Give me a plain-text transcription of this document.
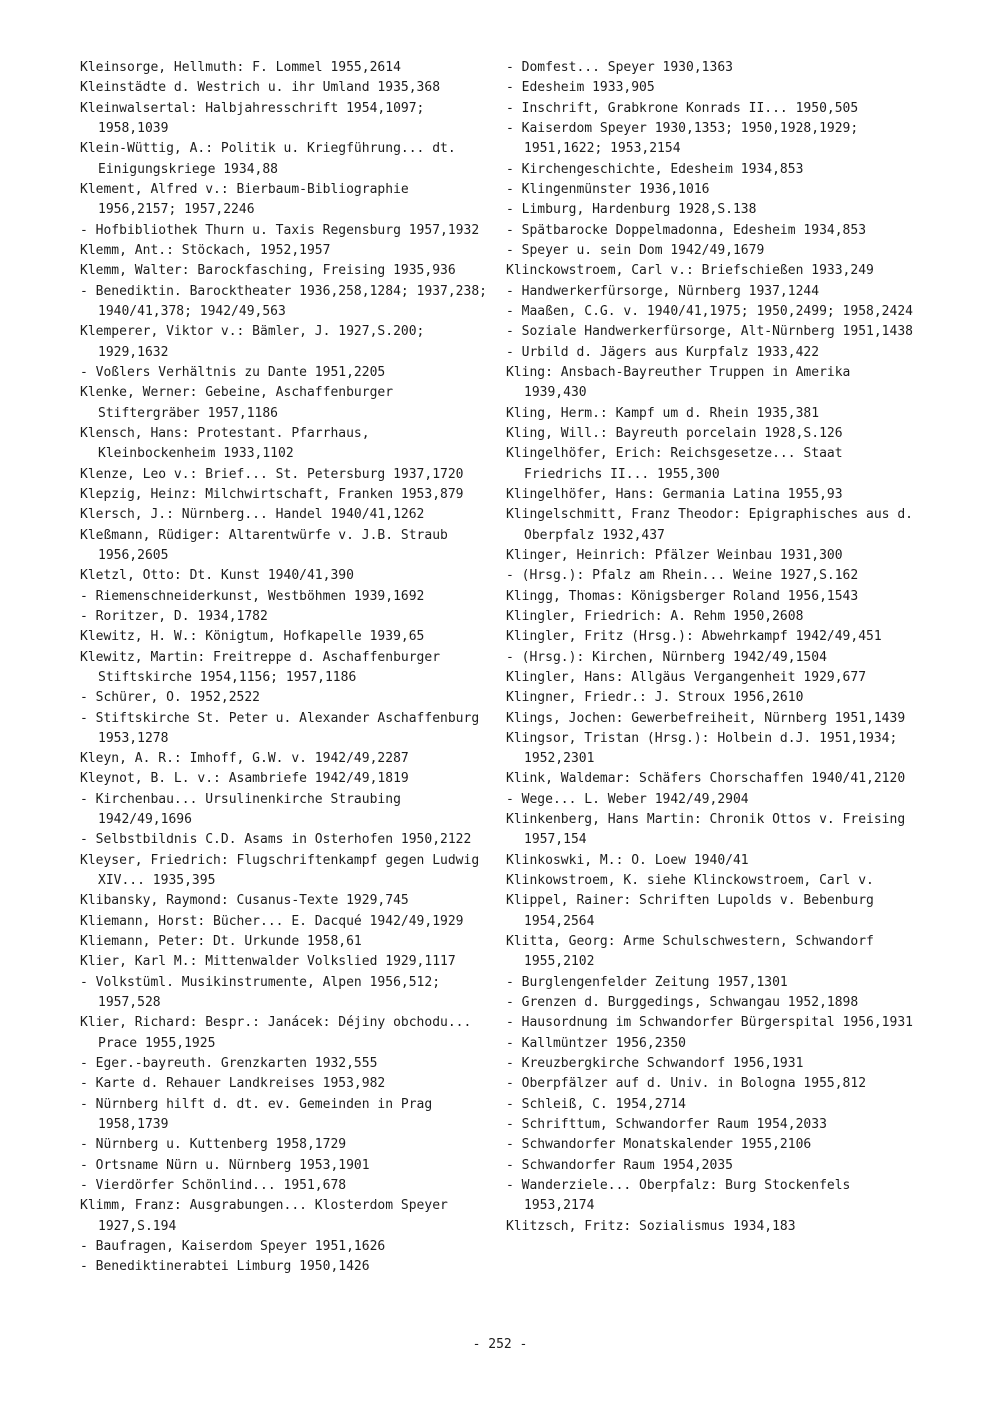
Kleinsorge, Hellmuth: F. Lommel 1955,2614

Kleinstädte d. Westrich u. ihr Umland 1935,368

Kleinwalsertal: Halbjahresschrift 1954,1097; 1958,1039

Klein-Wüttig, A.: Politik u. Kriegführung... dt. Einigungskriege 1934,88

Klement, Alfred v.: Bierbaum-Bibliographie 1956,2157; 1957,2246

- Hofbibliothek Thurn u. Taxis Regensburg 1957,1932

Klemm, Ant.: Stöckach, 1952,1957

Klemm, Walter: Barockfasching, Freising 1935,936

- Benediktin. Barocktheater 1936,258,1284; 1937,238; 1940/41,378; 1942/49,563

Klemperer, Viktor v.: Bämler, J. 1927,S.200; 1929,1632

- Voßlers Verhältnis zu Dante 1951,2205

Klenke, Werner: Gebeine, Aschaffenburger Stiftergräber 1957,1186

Klensch, Hans: Protestant. Pfarrhaus, Kleinbockenheim 1933,1102

Klenze, Leo v.: Brief... St. Petersburg 1937,1720

Klepzig, Heinz: Milchwirtschaft, Franken 1953,879

Klersch, J.: Nürnberg... Handel 1940/41,1262

Kleßmann, Rüdiger: Altarentwürfe v. J.B. Straub 1956,2605

Kletzl, Otto: Dt. Kunst 1940/41,390

- Riemenschneiderkunst, Westböhmen 1939,1692

- Roritzer, D. 1934,1782

Klewitz, H. W.: Königtum, Hofkapelle 1939,65

Klewitz, Martin: Freitreppe d. Aschaffenburger Stiftskirche 1954,1156; 1957,1186

- Schürer, O. 1952,2522

- Stiftskirche St. Peter u. Alexander Aschaffenburg 1953,1278

Kleyn, A. R.: Imhoff, G.W. v. 1942/49,2287

Kleynot, B. L. v.: Asambriefe 1942/49,1819

- Kirchenbau... Ursulinenkirche Straubing 1942/49,1696

- Selbstbildnis C.D. Asams in Osterhofen 1950,2122

Kleyser, Friedrich: Flugschriftenkampf gegen Ludwig XIV... 1935,395

Klibansky, Raymond: Cusanus-Texte 1929,745

Kliemann, Horst: Bücher... E. Dacqué 1942/49,1929

Kliemann, Peter: Dt. Urkunde 1958,61

Klier, Karl M.: Mittenwalder Volkslied 1929,1117

- Volkstüml. Musikinstrumente, Alpen 1956,512; 1957,528

Klier, Richard: Bespr.: Janácek: Déjiny obchodu... Prace 1955,1925

- Eger.-bayreuth. Grenzkarten 1932,555

- Karte d. Rehauer Landkreises 1953,982

- Nürnberg hilft d. dt. ev. Gemeinden in Prag 1958,1739

- Nürnberg u. Kuttenberg 1958,1729

- Ortsname Nürn u. Nürnberg 1953,1901

- Vierdörfer Schönlind... 1951,678

Klimm, Franz: Ausgrabungen... Klosterdom Speyer 1927,S.194

- Baufragen, Kaiserdom Speyer 1951,1626

- Benediktinerabtei Limburg 1950,1426

- Domfest... Speyer 1930,1363

- Edesheim 1933,905

- Inschrift, Grabkrone Konrads II... 1950,505

- Kaiserdom Speyer 1930,1353; 1950,1928,1929; 1951,1622; 1953,2154

- Kirchengeschichte, Edesheim 1934,853

- Klingenmünster 1936,1016

- Limburg, Hardenburg 1928,S.138

- Spätbarocke Doppelmadonna, Edesheim 1934,853

- Speyer u. sein Dom 1942/49,1679

Klinckowstroem, Carl v.: Briefschießen 1933,249

- Handwerkerfürsorge, Nürnberg 1937,1244

- Maaßen, C.G. v. 1940/41,1975; 1950,2499; 1958,2424

- Soziale Handwerkerfürsorge, Alt-Nürnberg 1951,1438

- Urbild d. Jägers aus Kurpfalz 1933,422

Kling: Ansbach-Bayreuther Truppen in Amerika 1939,430

Kling, Herm.: Kampf um d. Rhein 1935,381

Kling, Will.: Bayreuth porcelain 1928,S.126

Klingelhöfer, Erich: Reichsgesetze... Staat Friedrichs II... 1955,300

Klingelhöfer, Hans: Germania Latina 1955,93

Klingelschmitt, Franz Theodor: Epigraphisches aus d. Oberpfalz 1932,437

Klinger, Heinrich: Pfälzer Weinbau 1931,300

- (Hrsg.): Pfalz am Rhein... Weine 1927,S.162

Klingg, Thomas: Königsberger Roland 1956,1543

Klingler, Friedrich: A. Rehm 1950,2608

Klingler, Fritz (Hrsg.): Abwehrkampf 1942/49,451

- (Hrsg.): Kirchen, Nürnberg 1942/49,1504

Klingler, Hans: Allgäus Vergangenheit 1929,677

Klingner, Friedr.: J. Stroux 1956,2610

Klings, Jochen: Gewerbefreiheit, Nürnberg 1951,1439

Klingsor, Tristan (Hrsg.): Holbein d.J. 1951,1934; 1952,2301

Klink, Waldemar: Schäfers Chorschaffen 1940/41,2120

- Wege... L. Weber 1942/49,2904

Klinkenberg, Hans Martin: Chronik Ottos v. Freising 1957,154

Klinkoswki, M.: O. Loew 1940/41

Klinkowstroem, K. siehe Klinckowstroem, Carl v.

Klippel, Rainer: Schriften Lupolds v. Bebenburg 1954,2564

Klitta, Georg: Arme Schulschwestern, Schwandorf 1955,2102

- Burglengenfelder Zeitung 1957,1301

- Grenzen d. Burggedings, Schwangau 1952,1898

- Hausordnung im Schwandorfer Bürgerspital 1956,1931

- Kallmüntzer 1956,2350

- Kreuzbergkirche Schwandorf 1956,1931

- Oberpfälzer auf d. Univ. in Bologna 1955,812

- Schleiß, C. 1954,2714

- Schrifttum, Schwandorfer Raum 1954,2033

- Schwandorfer Monatskalender 1955,2106

- Schwandorfer Raum 1954,2035

- Wanderziele... Oberpfalz: Burg Stockenfels 1953,2174

Klitzsch, Fritz: Sozialismus 1934,183

- 252 -
